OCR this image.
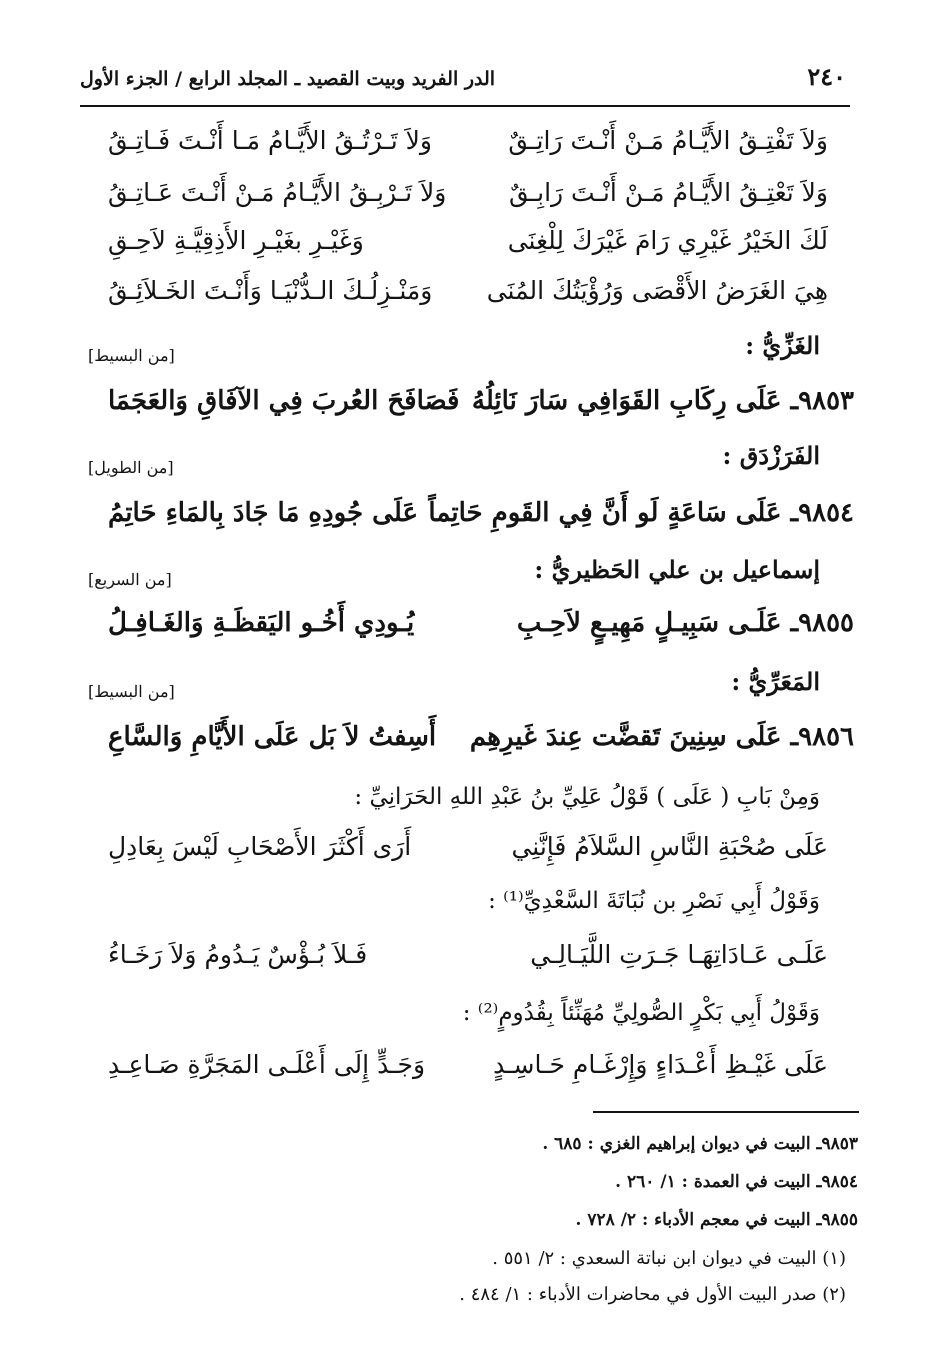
٢٤٠
الدر الفريد وبيت القصيد ـ المجلد الرابع / الجزء الأول
وَلاَ تَفْتِـقُ الأَيَّـامُ مَـنْ أَنْـتَ رَاتِـقٌ
وَلاَ تَـرْتُـقُ الأَيَّـامُ مَـا أَنْـتَ فَـاتِـقُ
وَلاَ تَعْتِـقُ الأَيَّـامُ مَـنْ أَنْـتَ رَابِـقٌ
وَلاَ تَـرْبِـقُ الأَيَّـامُ مَـنْ أَنْـتَ عَـاتِـقُ
لَكَ الخَيْرُ غَيْرِي رَامَ غَيْرَكَ لِلْغِنَى
وَغَيْـرِ بغَيْـرِ الأَذِقِيَّـةِ لاَحِـقِ
هِيَ الغَرَضُ الأَقْصَى وَرُؤْيَتُكَ المُنَى
وَمَنْـزِلُـكَ الـدُّنْيَـا وَأَنْـتَ الخَـلاَئِـقُ
الغَزِّيُّ :
[من البسيط]
٩٨٥٣ـ عَلَى رِكَابِ القَوَافِي سَارَ نَائِلُهُ
فَصَافَحَ العُربَ فِي الآفَاقِ وَالعَجَمَا
الفَرَزْدَق :
[من الطويل]
٩٨٥٤ـ عَلَى سَاعَةٍ لَو أَنَّ فِي القَومِ حَاتِماً
عَلَى جُودِهِ مَا جَادَ بِالمَاءِ حَاتِمُ
إسماعيل بن علي الحَظيريُّ :
[من السريع]
٩٨٥٥ـ عَلَـى سَبِيـلٍ مَهِيـعٍ لاَحِـبِ
يُـودِي أَخُـو اليَقظَـةِ وَالغَـافِـلُ
المَعَرِّيُّ :
[من البسيط]
٩٨٥٦ـ عَلَى سِنِينَ تَقضَّت عِندَ غَيرِهِم
أَسِفتُ لاَ بَل عَلَى الأَيَّامِ وَالسَّاعِ
وَمِنْ بَابِ ( عَلَى ) قَوْلُ عَلِيِّ بنُ عَبْدِ اللهِ الحَرَانِيِّ :
عَلَى صُحْبَةِ النَّاسِ السَّلاَمُ فَإِنَّنِي
أَرَى أَكْثَرَ الأَصْحَابِ لَيْسَ بِعَادِلِ
وَقَوْلُ أَبِي نَصْرِ بن نُبَاتَةَ السَّعْدِيِّ⁽¹⁾ :
عَلَـى عَـادَاتِهَـا جَـرَتِ اللَّيَـالِـي
فَـلاَ بُـؤْسٌ يَـدُومُ وَلاَ رَخَـاءُ
وَقَوْلُ أَبِي بَكْرٍ الصُّولِيِّ مُهَنِّئاً بِقُدُومٍ⁽²⁾ :
عَلَى غَيْـظِ أَعْـدَاءٍ وَإِرْغَـامِ حَـاسِـدٍ
وَجَـدٍّ إِلَى أَعْلَـى المَجَرَّةِ صَـاعِـدِ
٩٨٥٣ـ البيت في ديوان إبراهيم الغزي : ٦٨٥ .
٩٨٥٤ـ البيت في العمدة : ١/ ٢٦٠ .
٩٨٥٥ـ البيت في معجم الأدباء : ٢/ ٧٢٨ .
(١) البيت في ديوان ابن نباتة السعدي : ٢/ ٥٥١ .
(٢) صدر البيت الأول في محاضرات الأدباء : ١/ ٤٨٤ .
